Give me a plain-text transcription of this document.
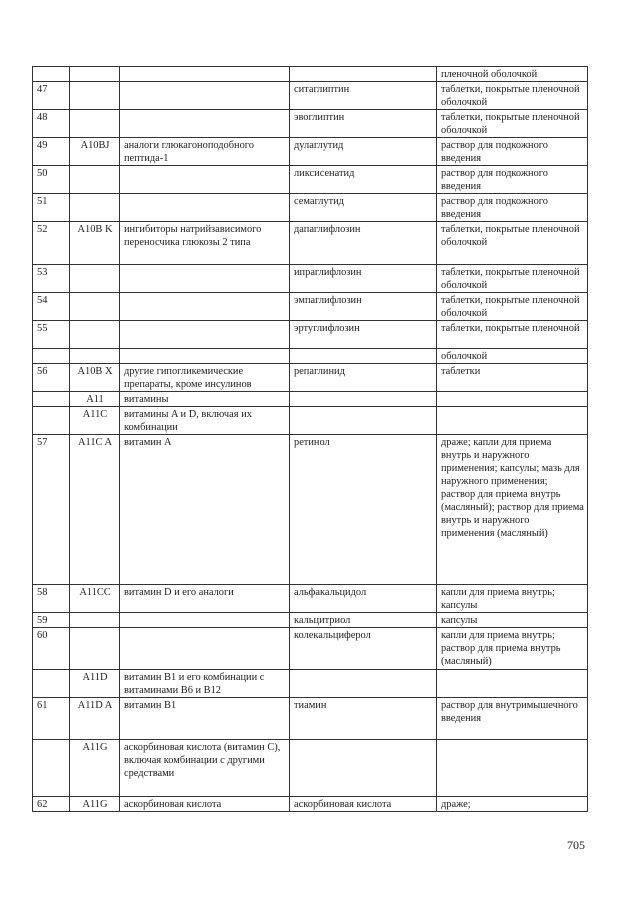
				пленочной оболочкой
47			ситаглиптин	таблетки, покрытые пленочной оболочкой
48			эвоглиптин	таблетки, покрытые пленочной оболочкой
49	A10BJ	аналоги глюкагоноподобного пептида-1	дулаглутид	раствор для подкожного введения
50			ликсисенатид	раствор для подкожного введения
51			семаглутид	раствор для подкожного введения
52	A10B K	ингибиторы натрийзависимого переносчика глюкозы 2 типа	дапаглифлозин	таблетки, покрытые пленочной оболочкой
53			ипраглифлозин	таблетки, покрытые пленочной оболочкой
54			эмпаглифлозин	таблетки, покрытые пленочной оболочкой
55			эртуглифлозин	таблетки, покрытые пленочной
				оболочкой
56	A10B X	другие гипогликемические препараты, кроме инсулинов	репаглинид	таблетки
	A11	витамины		
	A11C	витамины A и D, включая их комбинации		
57	A11C A	витамин A	ретинол	драже; капли для приема внутрь и наружного применения; капсулы; мазь для наружного применения; раствор для приема внутрь (масляный); раствор для приема внутрь и наружного применения (масляный)
58	A11CC	витамин D и его аналоги	альфакальцидол	капли для приема внутрь; капсулы
59			кальцитриол	капсулы
60			колекальциферол	капли для приема внутрь; раствор для приема внутрь (масляный)
	A11D	витамин B1 и его комбинации с витаминами B6 и B12		
61	A11D A	витамин B1	тиамин	раствор для внутримышечного введения
	A11G	аскорбиновая кислота (витамин C), включая комбинации с другими средствами		
62	A11G	аскорбиновая кислота	аскорбиновая кислота	драже;
705
